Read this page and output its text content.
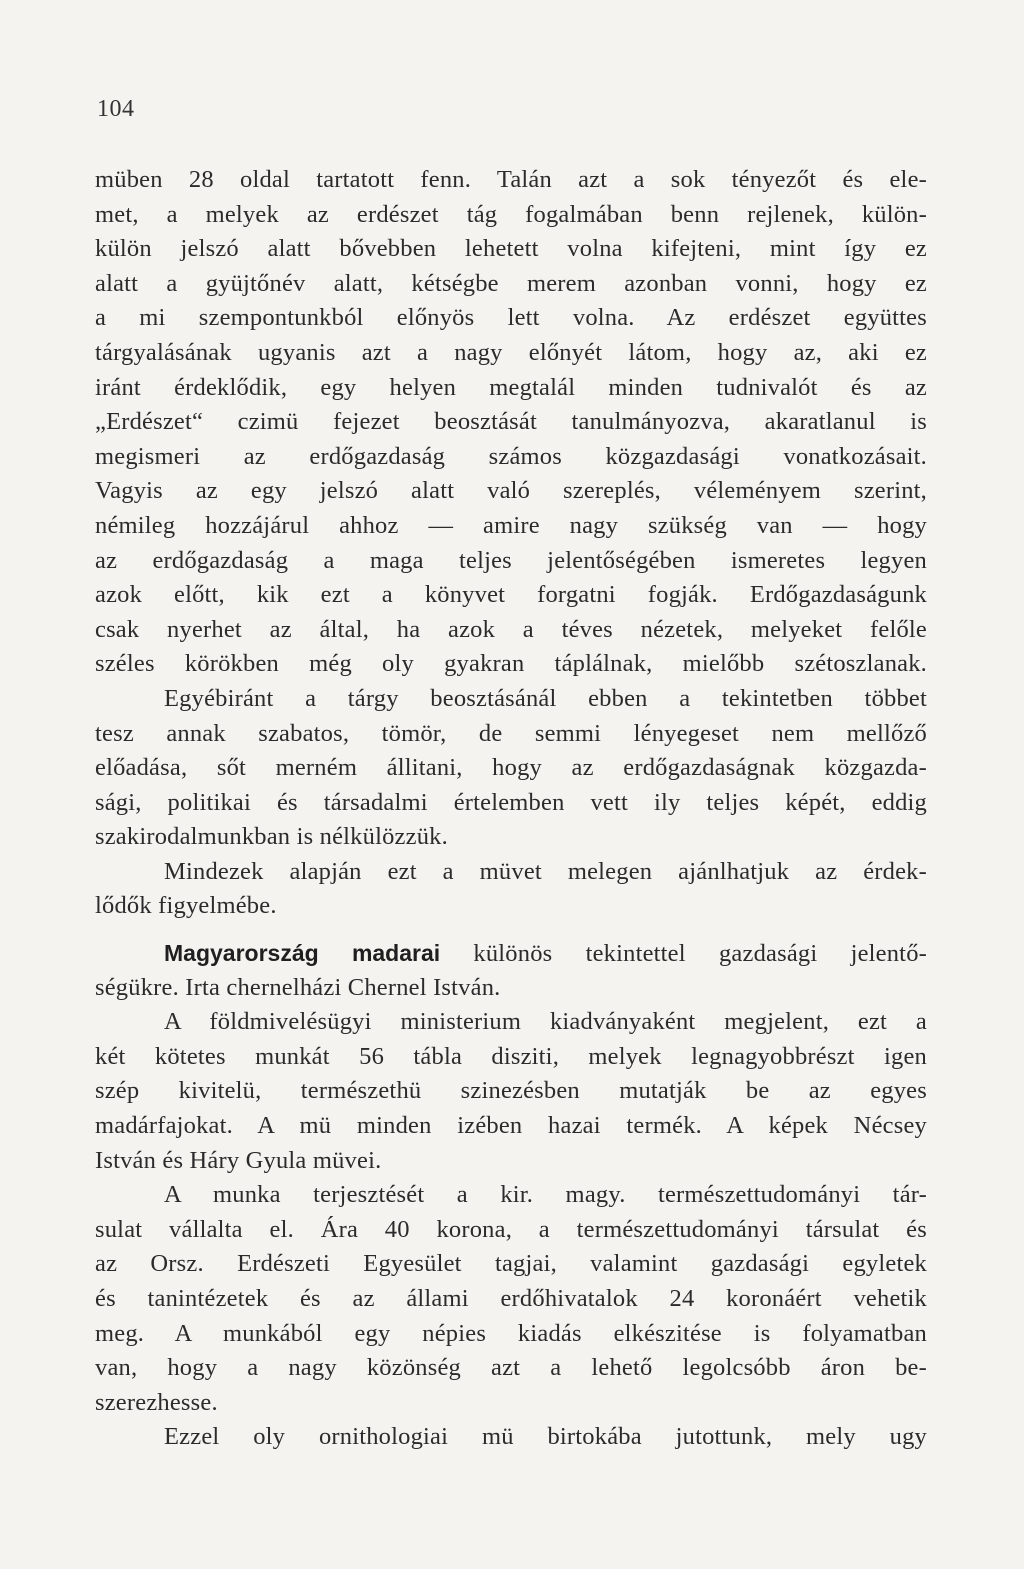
104
müben 28 oldal tartatott fenn. Talán azt a sok tényezőt és ele-
met, a melyek az erdészet tág fogalmában benn rejlenek, külön-
külön jelszó alatt bővebben lehetett volna kifejteni, mint így ez
alatt a gyüjtőnév alatt, kétségbe merem azonban vonni, hogy ez
a mi szempontunkból előnyös lett volna. Az erdészet együttes
tárgyalásának ugyanis azt a nagy előnyét látom, hogy az, aki ez
iránt érdeklődik, egy helyen megtalál minden tudnivalót és az
„Erdészet“ czimü fejezet beosztását tanulmányozva, akaratlanul is
megismeri az erdőgazdaság számos közgazdasági vonatkozásait.
Vagyis az egy jelszó alatt való szereplés, véleményem szerint,
némileg hozzájárul ahhoz — amire nagy szükség van — hogy
az erdőgazdaság a maga teljes jelentőségében ismeretes legyen
azok előtt, kik ezt a könyvet forgatni fogják. Erdőgazdaságunk
csak nyerhet az által, ha azok a téves nézetek, melyeket felőle
széles körökben még oly gyakran táplálnak, mielőbb szétoszlanak.
Egyébiránt a tárgy beosztásánál ebben a tekintetben többet
tesz annak szabatos, tömör, de semmi lényegeset nem mellőző
előadása, sőt merném állitani, hogy az erdőgazdaságnak közgazda-
sági, politikai és társadalmi értelemben vett ily teljes képét, eddig
szakirodalmunkban is nélkülözzük.
Mindezek alapján ezt a müvet melegen ajánlhatjuk az érdek-
lődők figyelmébe.
Magyarország madarai különös tekintettel gazdasági jelentő-
ségükre. Irta chernelházi Chernel István.
A földmivelésügyi ministerium kiadványaként megjelent, ezt a
két kötetes munkát 56 tábla disziti, melyek legnagyobbrészt igen
szép kivitelü, természethü szinezésben mutatják be az egyes
madárfajokat. A mü minden izében hazai termék. A képek Nécsey
István és Háry Gyula müvei.
A munka terjesztését a kir. magy. természettudományi tár-
sulat vállalta el. Ára 40 korona, a természettudományi társulat és
az Orsz. Erdészeti Egyesület tagjai, valamint gazdasági egyletek
és tanintézetek és az állami erdőhivatalok 24 koronáért vehetik
meg. A munkából egy népies kiadás elkészitése is folyamatban
van, hogy a nagy közönség azt a lehető legolcsóbb áron be-
szerezhesse.
Ezzel oly ornithologiai mü birtokába jutottunk, mely ugy
